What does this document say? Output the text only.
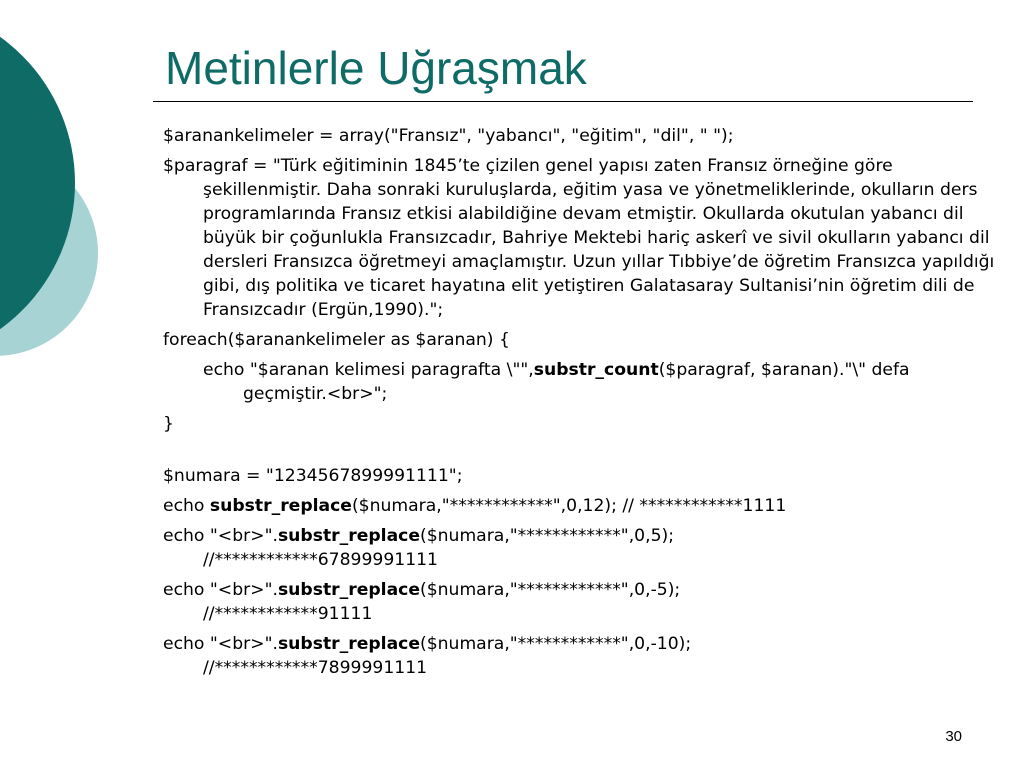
Metinlerle Uğraşmak

$aranankelimeler = array("Fransız", "yabancı", "eğitim", "dil", " ");

$paragraf = "Türk eğitiminin 1845’te çizilen genel yapısı zaten Fransız örneğine göre şekillenmiştir. Daha sonraki kuruluşlarda, eğitim yasa ve yönetmeliklerinde, okulların ders programlarında Fransız etkisi alabildiğine devam etmiştir. Okullarda okutulan yabancı dil büyük bir çoğunlukla Fransızcadır, Bahriye Mektebi hariç askerî ve sivil okulların yabancı dil dersleri Fransızca öğretmeyi amaçlamıştır. Uzun yıllar Tıbbiye’de öğretim Fransızca yapıldığı gibi, dış politika ve ticaret hayatına elit yetiştiren Galatasaray Sultanisi’nin öğretim dili de Fransızcadır (Ergün,1990).";

foreach($aranankelimeler as $aranan) {

echo "$aranan kelimesi paragrafta \"",substr_count($paragraf, $aranan)."\" defa geçmiştir.<br>";

}

$numara = "1234567899991111";

echo substr_replace($numara,"************",0,12); // ************1111

echo "<br>".substr_replace($numara,"************",0,5);

//************67899991111

echo "<br>".substr_replace($numara,"************",0,-5);

//************91111

echo "<br>".substr_replace($numara,"************",0,-10);

//************7899991111

30
